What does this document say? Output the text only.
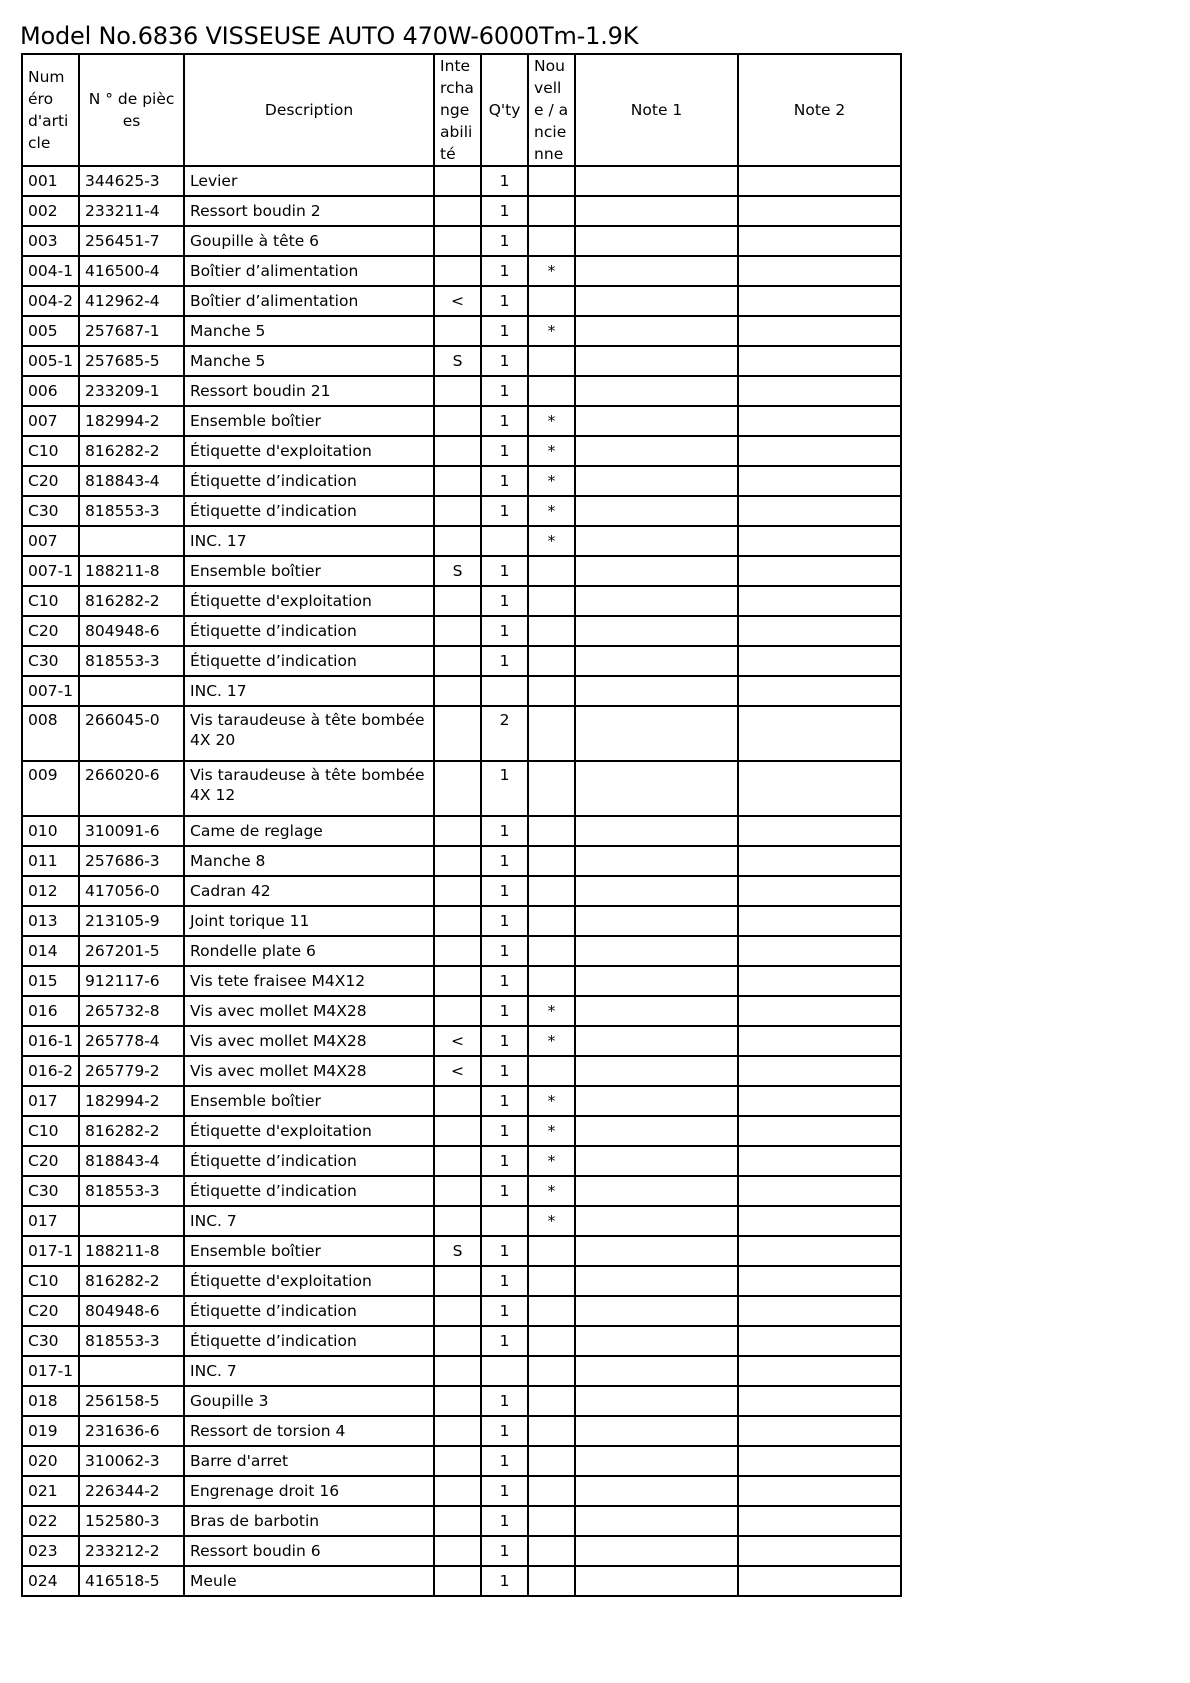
Model No.6836 VISSEUSE AUTO 470W-6000Tm-1.9K
Numéro d'article	N ° de pièces	Description	Interchangeabilité	Q'ty	Nouvelle / ancienne	Note 1	Note 2
001	344625-3	Levier		1			
002	233211-4	Ressort boudin 2		1			
003	256451-7	Goupille à tête 6		1			
004-1	416500-4	Boîtier d’alimentation		1	*		
004-2	412962-4	Boîtier d’alimentation	<	1			
005	257687-1	Manche 5		1	*		
005-1	257685-5	Manche 5	S	1			
006	233209-1	Ressort boudin 21		1			
007	182994-2	Ensemble boîtier		1	*		
C10	816282-2	Étiquette d'exploitation		1	*		
C20	818843-4	Étiquette d’indication		1	*		
C30	818553-3	Étiquette d’indication		1	*		
007		INC. 17			*		
007-1	188211-8	Ensemble boîtier	S	1			
C10	816282-2	Étiquette d'exploitation		1			
C20	804948-6	Étiquette d’indication		1			
C30	818553-3	Étiquette d’indication		1			
007-1		INC. 17					
008	266045-0	Vis taraudeuse à tête bombée 4X 20		2			
009	266020-6	Vis taraudeuse à tête bombée 4X 12		1			
010	310091-6	Came de reglage		1			
011	257686-3	Manche 8		1			
012	417056-0	Cadran 42		1			
013	213105-9	Joint torique 11		1			
014	267201-5	Rondelle plate 6		1			
015	912117-6	Vis tete fraisee M4X12		1			
016	265732-8	Vis avec mollet M4X28		1	*		
016-1	265778-4	Vis avec mollet M4X28	<	1	*		
016-2	265779-2	Vis avec mollet M4X28	<	1			
017	182994-2	Ensemble boîtier		1	*		
C10	816282-2	Étiquette d'exploitation		1	*		
C20	818843-4	Étiquette d’indication		1	*		
C30	818553-3	Étiquette d’indication		1	*		
017		INC. 7			*		
017-1	188211-8	Ensemble boîtier	S	1			
C10	816282-2	Étiquette d'exploitation		1			
C20	804948-6	Étiquette d’indication		1			
C30	818553-3	Étiquette d’indication		1			
017-1		INC. 7					
018	256158-5	Goupille 3		1			
019	231636-6	Ressort de torsion 4		1			
020	310062-3	Barre d'arret		1			
021	226344-2	Engrenage droit 16		1			
022	152580-3	Bras de barbotin		1			
023	233212-2	Ressort boudin 6		1			
024	416518-5	Meule		1			
